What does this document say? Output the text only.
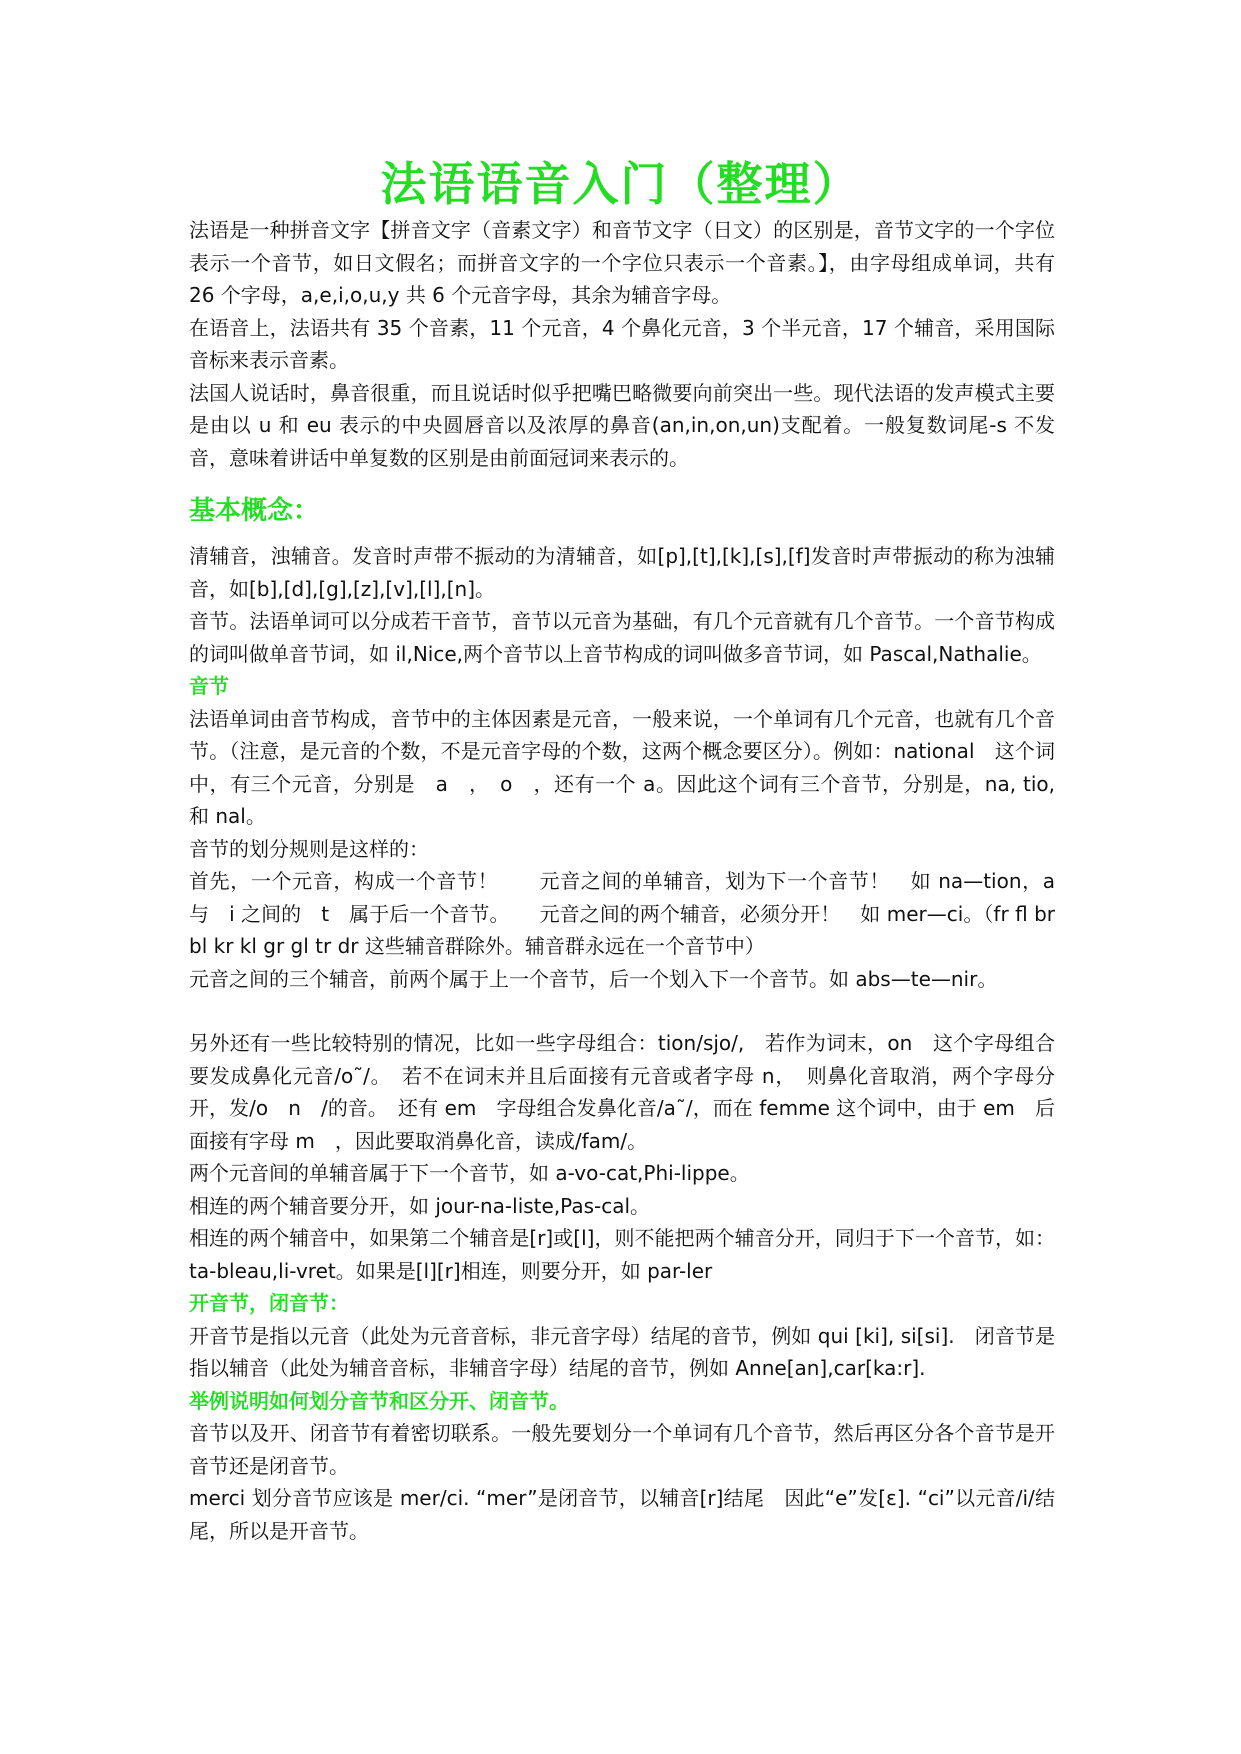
法语语音入门（整理）

法语是一种拼音文字【拼音文字（音素文字）和音节文字（日文）的区别是，音节文字的一个字位表示一个音节，如日文假名；而拼音文字的一个字位只表示一个音素。】，由字母组成单词，共有 26 个字母，a,e,i,o,u,y 共 6 个元音字母，其余为辅音字母。

在语音上，法语共有 35 个音素，11 个元音，4 个鼻化元音，3 个半元音，17 个辅音，采用国际音标来表示音素。

法国人说话时，鼻音很重，而且说话时似乎把嘴巴略微要向前突出一些。现代法语的发声模式主要是由以 u 和 eu 表示的中央圆唇音以及浓厚的鼻音(an,in,on,un)支配着。一般复数词尾-s 不发音，意味着讲话中单复数的区别是由前面冠词来表示的。

基本概念：

清辅音，浊辅音。发音时声带不振动的为清辅音，如[p],[t],[k],[s],[f]发音时声带振动的称为浊辅音，如[b],[d],[g],[z],[v],[l],[n]。

音节。法语单词可以分成若干音节，音节以元音为基础，有几个元音就有几个音节。一个音节构成的词叫做单音节词，如 il,Nice,两个音节以上音节构成的词叫做多音节词，如 Pascal,Nathalie。

音节

法语单词由音节构成，音节中的主体因素是元音，一般来说，一个单词有几个元音，也就有几个音节。（注意，是元音的个数，不是元音字母的个数，这两个概念要区分）。例如：national　这个词中，有三个元音，分别是　a　，　o　，还有一个 a。因此这个词有三个音节，分别是，na, tio, 和 nal。

音节的划分规则是这样的：

首先，一个元音，构成一个音节！　　元音之间的单辅音，划为下一个音节！　如 na—tion，a 与　i 之间的　t　属于后一个音节。　　元音之间的两个辅音，必须分开！　如 mer—ci。（fr fl br bl kr kl gr gl tr dr 这些辅音群除外。辅音群永远在一个音节中）

元音之间的三个辅音，前两个属于上一个音节，后一个划入下一个音节。如 abs—te—nir。

另外还有一些比较特别的情况，比如一些字母组合：tion/sjo/,　若作为词末，on　这个字母组合要发成鼻化元音/o˜/。　若不在词末并且后面接有元音或者字母 n，　则鼻化音取消，两个字母分开，发/o　n　/的音。　还有 em　字母组合发鼻化音/a˜/，而在 femme 这个词中，由于 em　后面接有字母 m　，因此要取消鼻化音，读成/fam/。

两个元音间的单辅音属于下一个音节，如 a-vo-cat,Phi-lippe。

相连的两个辅音要分开，如 jour-na-liste,Pas-cal。

相连的两个辅音中，如果第二个辅音是[r]或[l]，则不能把两个辅音分开，同归于下一个音节，如：ta-bleau,li-vret。如果是[l][r]相连，则要分开，如 par-ler

开音节，闭音节：

开音节是指以元音（此处为元音音标，非元音字母）结尾的音节，例如 qui [ki], si[si].　闭音节是指以辅音（此处为辅音音标，非辅音字母）结尾的音节，例如 Anne[an],car[ka:r].

举例说明如何划分音节和区分开、闭音节。

音节以及开、闭音节有着密切联系。一般先要划分一个单词有几个音节，然后再区分各个音节是开音节还是闭音节。

merci 划分音节应该是 mer/ci. “mer”是闭音节，以辅音[r]结尾　因此“e”发[ɛ]. “ci”以元音/i/结尾，所以是开音节。
